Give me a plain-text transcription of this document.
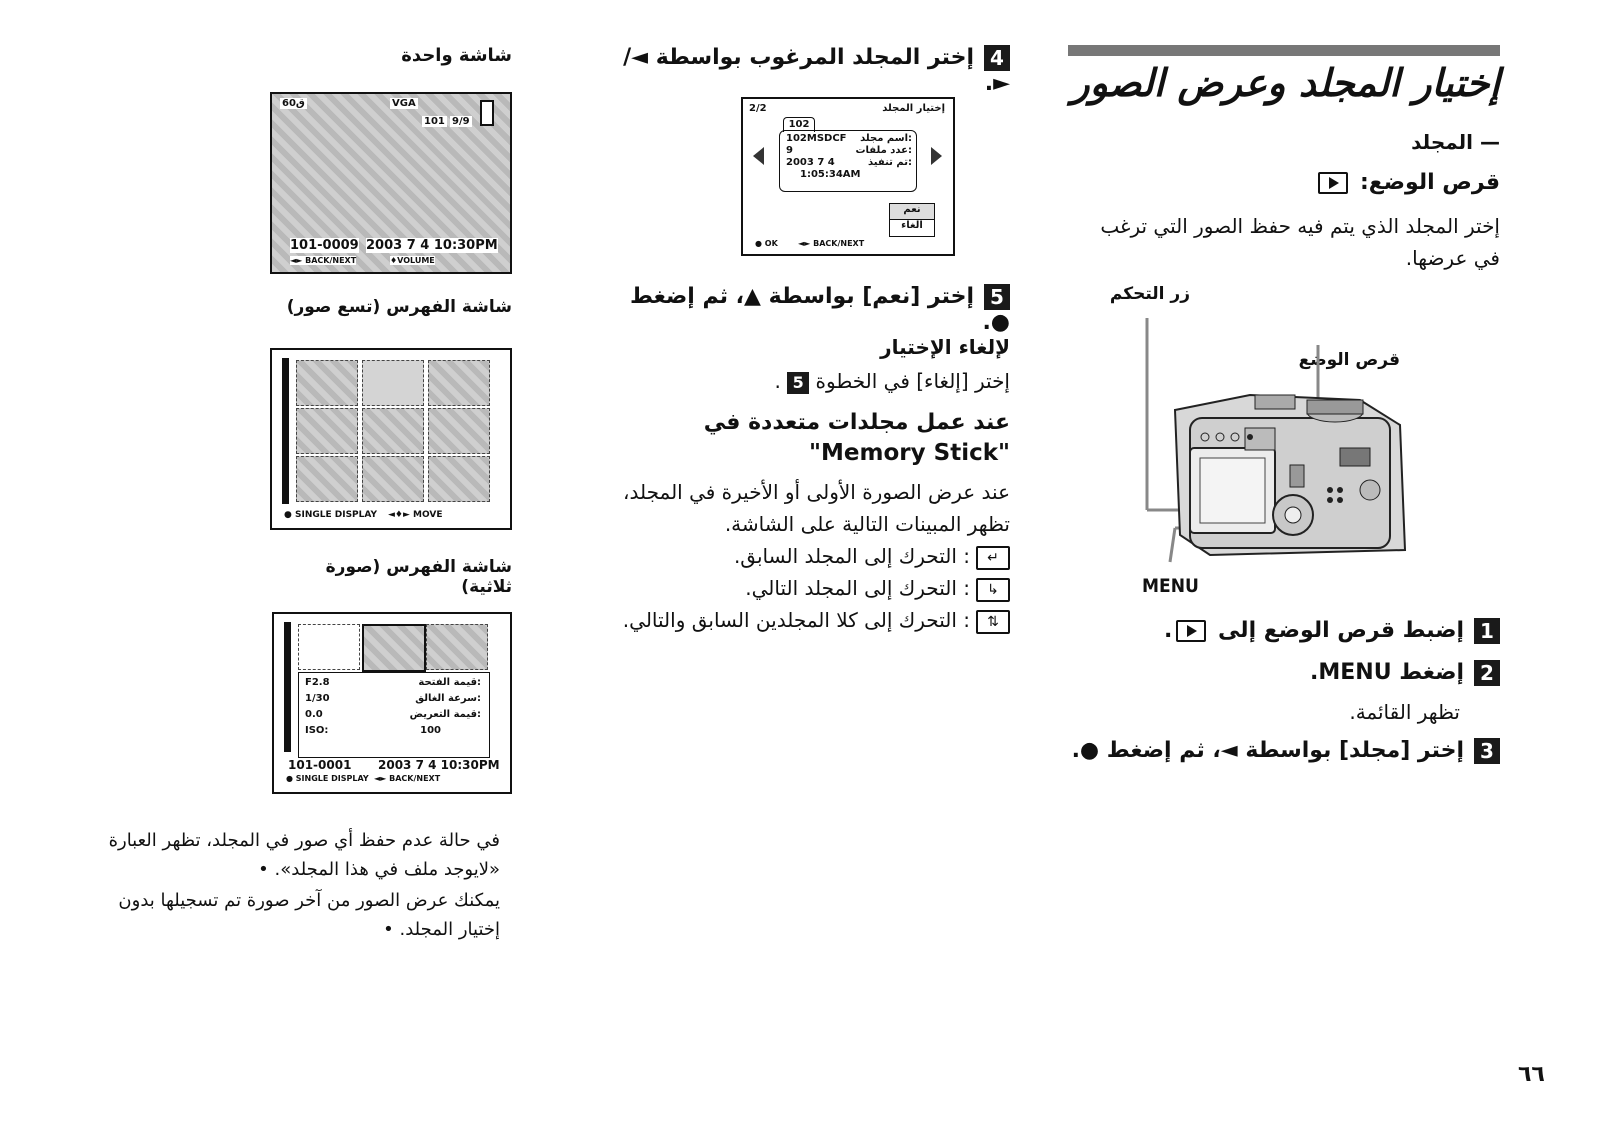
إختيار المجلد وعرض الصور
— المجلد
قرص الوضع:
إختر المجلد الذي يتم فيه حفظ الصور التي ترغب في عرضها.
زر التحكم
قرص الوضع
MENU
1إضبط قرص الوضع إلى .
2إضغط MENU.
تظهر القائمة.
3إختر [مجلد] بواسطة ◄، ثم إضغط ●.
٦٦
4إختر المجلد المرغوب بواسطة ◄/►.
إختيار المجلد
2/2
102
102MSDCF اسم مجلد:
9	عدد ملفات:
2003 7 4	تم تنفيذ:
1:05:34AM
نعم
الغاء
● OK	◄► BACK/NEXT
5إختر [نعم] بواسطة ▲، ثم إضغط ●.
لإلغاء الإختيار
إختر [إلغاء] في الخطوة 5 .
عند عمل مجلدات متعددة في
"Memory Stick"
عند عرض الصورة الأولى أو الأخيرة في المجلد، تظهر المبينات التالية على الشاشة.
↵: التحرك إلى المجلد السابق.
↳: التحرك إلى المجلد التالي.
⇅: التحرك إلى كلا المجلدين السابق والتالي.
شاشة واحدة
60ق	VGA
101 9/9
101-0009 2003 7 4 10:30PM
◄► BACK/NEXT	♦VOLUME
شاشة الفهرس (تسع صور)
● SINGLE DISPLAY ◄♦► MOVE
شاشة الفهرس (صورة ثلاثية)
F2.8	قيمة الفتحة:
1/30	سرعة الغالق:
0.0	قيمة التعريض:
ISO:	100
101-0001 2003 7 4 10:30PM
● SINGLE DISPLAY ◄► BACK/NEXT
في حالة عدم حفظ أي صور في المجلد، تظهر العبارة «لايوجد ملف في هذا المجلد». •
يمكنك عرض الصور من آخر صورة تم تسجيلها بدون إختيار المجلد. •
